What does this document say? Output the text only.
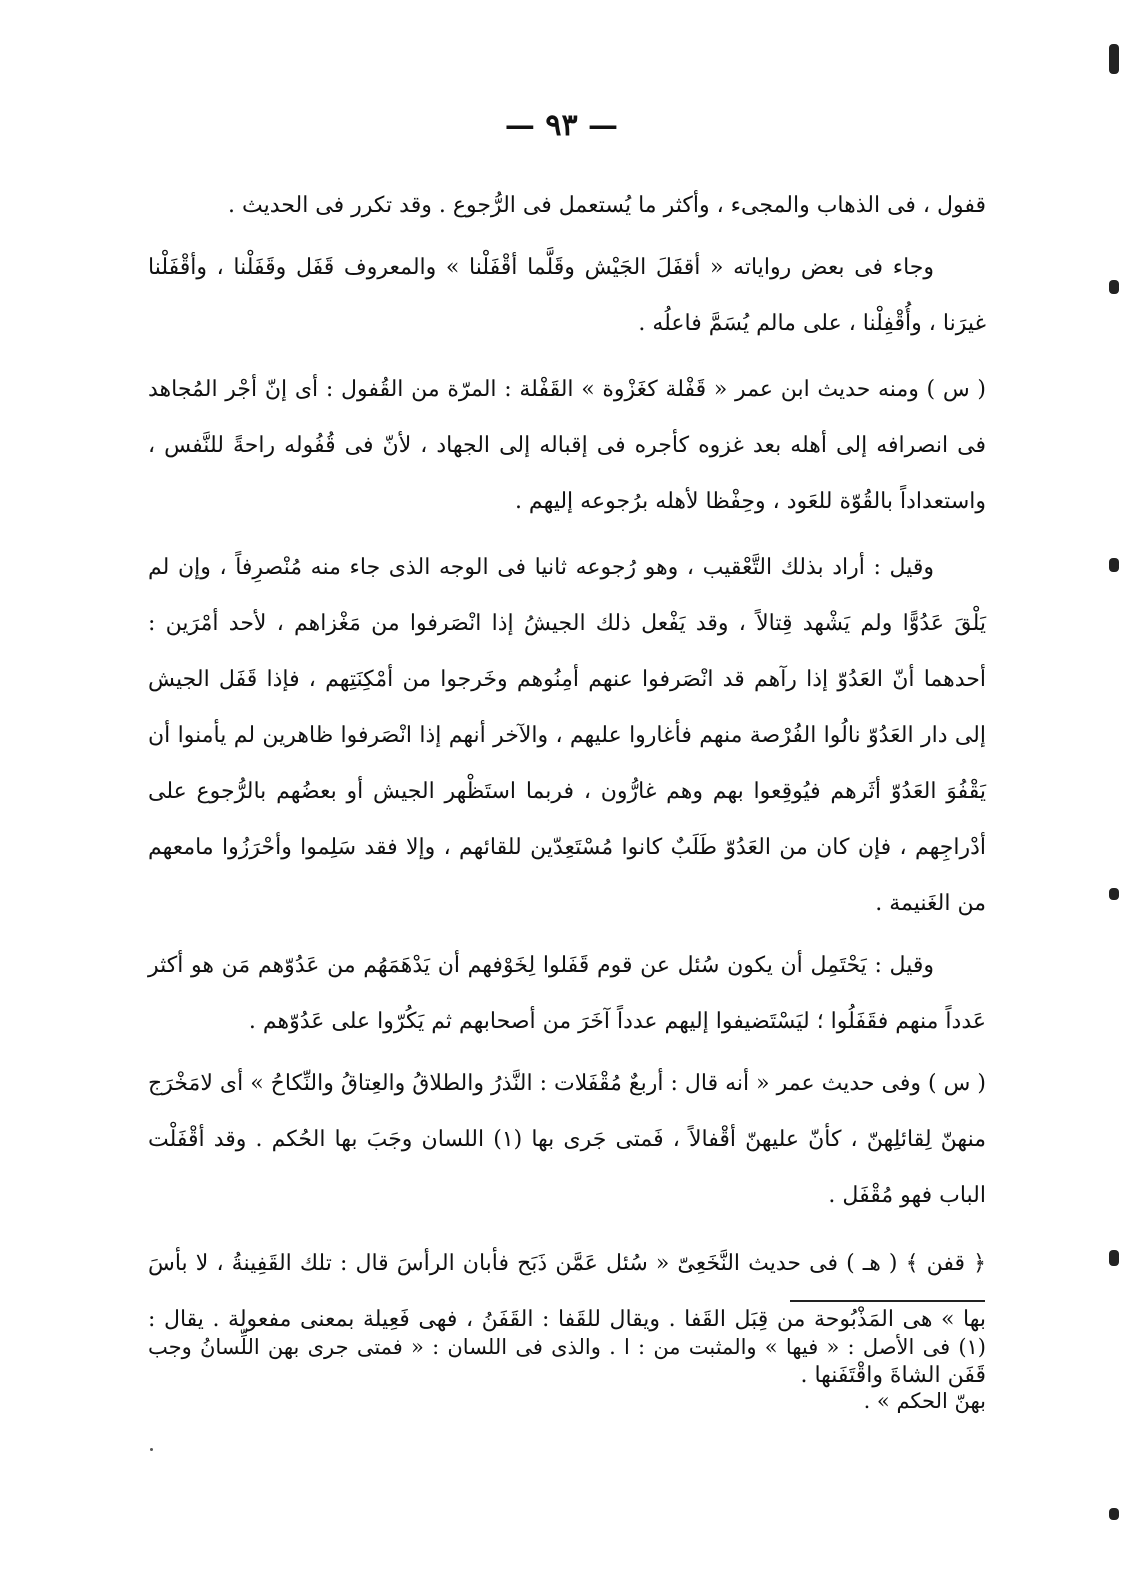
— ٩٣ —

قفول ، فى الذهاب والمجىء ، وأكثر ما يُستعمل فى الرُّجوع . وقد تكرر فى الحديث .

وجاء فى بعض رواياته « أقفَلَ الجَيْش وقَلَّما أقْفَلْنا » والمعروف قَفَل وقَفَلْنا ، وأقْفَلْنا غيرَنا ، وأُقْفِلْنا ، على مالم يُسَمَّ فاعلُه .

( س ) ومنه حديث ابن عمر « قَفْلة كغَزْوة » القَفْلة : المرّة من القُفول : أى إنّ أجْر المُجاهد فى انصرافه إلى أهله بعد غزوه كأجره فى إقباله إلى الجهاد ، لأنّ فى قُفُوله راحةً للنَّفس ، واستعداداً بالقُوّة للعَود ، وحِفْظا لأهله برُجوعه إليهم .

وقيل : أراد بذلك التَّعْقيب ، وهو رُجوعه ثانيا فى الوجه الذى جاء منه مُنْصرِفاً ، وإن لم يَلْقَ عَدُوًّا ولم يَشْهد قِتالاً ، وقد يَفْعل ذلك الجيشُ إذا انْصَرفوا من مَغْزاهم ، لأحد أمْرَين : أحدهما أنّ العَدُوّ إذا رآهم قد انْصَرفوا عنهم أمِنُوهم وخَرجوا من أمْكِنَتِهم ، فإذا قَفَل الجيش إلى دار العَدُوّ نالُوا الفُرْصة منهم فأغاروا عليهم ، والآخر أنهم إذا انْصَرفوا ظاهرين لم يأمنوا أن يَقْفُوَ العَدُوّ أثَرهم فيُوقِعوا بهم وهم غارُّون ، فربما استَظْهر الجيش أو بعضُهم بالرُّجوع على أدْراجِهم ، فإن كان من العَدُوّ طَلَبٌ كانوا مُسْتَعِدّين للقائهم ، وإلا فقد سَلِموا وأحْرَزُوا مامعهم من الغَنيمة .

وقيل : يَحْتَمِل أن يكون سُئل عن قوم قَفَلوا لِخَوْفهم أن يَدْهَمَهُم من عَدُوّهم مَن هو أكثر عَدداً منهم فقَفَلُوا ؛ ليَسْتَضيفوا إليهم عدداً آخَرَ من أصحابهم ثم يَكُرّوا على عَدُوّهم .

( س ) وفى حديث عمر « أنه قال : أربعٌ مُقْفَلات : النَّذرُ والطلاقُ والعِتاقُ والنِّكاحُ » أى لامَخْرَج منهنّ لِقائلِهنّ ، كأنّ عليهنّ أقْفالاً ، فَمتى جَرى بها (١) اللسان وجَبَ بها الحُكم . وقد أقْفَلْت الباب فهو مُقْفَل .

﴿ قفن ﴾ ( هـ ) فى حديث النَّخَعِىّ « سُئل عَمَّن ذَبَح فأبان الرأسَ قال : تلك القَفِينةُ ، لا بأسَ بها » هى المَذْبُوحة من قِبَل القَفا . ويقال للقَفا : القَفَنُ ، فهى فَعِيلة بمعنى مفعولة . يقال : قَفَن الشاةَ واقْتَفَنها .

(١) فى الأصل : « فيها » والمثبت من : ا . والذى فى اللسان : « فمتى جرى بهن اللِّسانُ وجب بهنّ الحكم » .
